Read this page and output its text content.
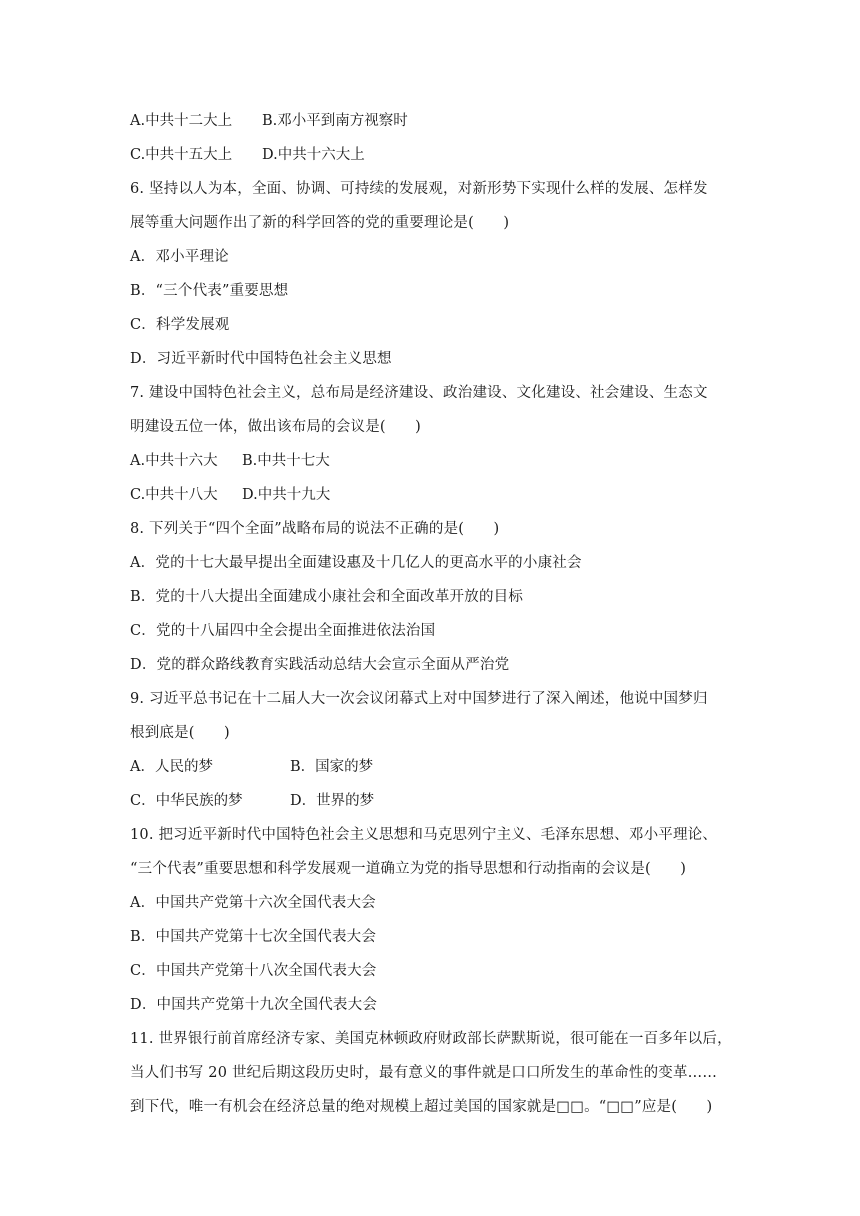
A.中共十二大上	B.邓小平到南方视察时
C.中共十五大上	D.中共十六大上
6. 坚持以人为本，全面、协调、可持续的发展观，对新形势下实现什么样的发展、怎样发
展等重大问题作出了新的科学回答的党的重要理论是(　　)
A．邓小平理论
B．“三个代表”重要思想
C．科学发展观
D．习近平新时代中国特色社会主义思想
7. 建设中国特色社会主义，总布局是经济建设、政治建设、文化建设、社会建设、生态文
明建设五位一体，做出该布局的会议是(　　)
A.中共十六大	B.中共十七大
C.中共十八大	D.中共十九大
8. 下列关于“四个全面”战略布局的说法不正确的是(　　)
A．党的十七大最早提出全面建设惠及十几亿人的更高水平的小康社会
B．党的十八大提出全面建成小康社会和全面改革开放的目标
C．党的十八届四中全会提出全面推进依法治国
D．党的群众路线教育实践活动总结大会宣示全面从严治党
9. 习近平总书记在十二届人大一次会议闭幕式上对中国梦进行了深入阐述，他说中国梦归
根到底是(　　)
A．人民的梦	B．国家的梦
C．中华民族的梦	D．世界的梦
10. 把习近平新时代中国特色社会主义思想和马克思列宁主义、毛泽东思想、邓小平理论、
“三个代表”重要思想和科学发展观一道确立为党的指导思想和行动指南的会议是(　　)
A．中国共产党第十六次全国代表大会
B．中国共产党第十七次全国代表大会
C．中国共产党第十八次全国代表大会
D．中国共产党第十九次全国代表大会
11. 世界银行前首席经济专家、美国克林顿政府财政部长萨默斯说，很可能在一百多年以后，
当人们书写 20 世纪后期这段历史时，最有意义的事件就是口口所发生的革命性的变革……
到下代，唯一有机会在经济总量的绝对规模上超过美国的国家就是□□。“□□”应是(　　)
